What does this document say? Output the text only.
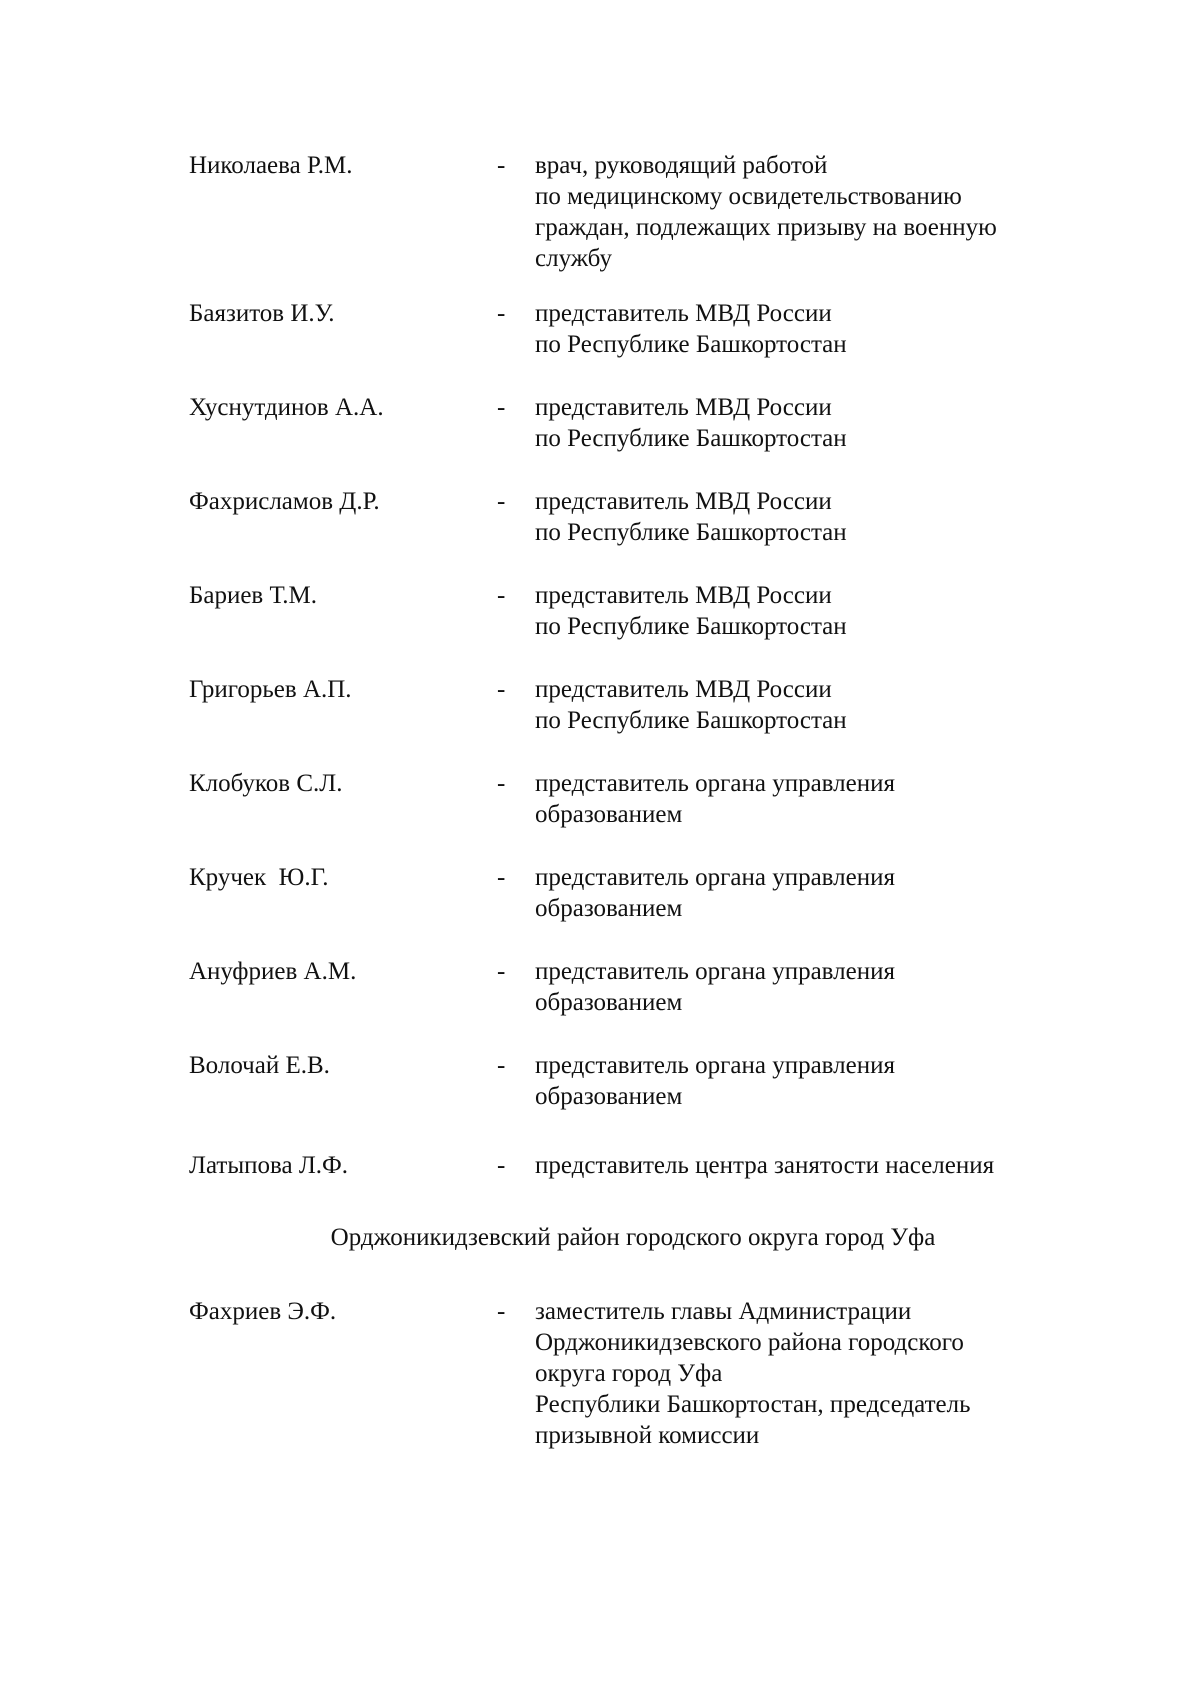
Николаева Р.М.	- врач, руководящий работой
по медицинскому освидетельствованию
граждан, подлежащих призыву на военную
службу
Баязитов И.У.	- представитель МВД России
по Республике Башкортостан
Хуснутдинов А.А.	- представитель МВД России
по Республике Башкортостан
Фахрисламов Д.Р.	- представитель МВД России
по Республике Башкортостан
Бариев Т.М.	- представитель МВД России
по Республике Башкортостан
Григорьев А.П.	- представитель МВД России
по Республике Башкортостан
Клобуков С.Л.	- представитель органа управления
образованием
Кручек  Ю.Г.	- представитель органа управления
образованием
Ануфриев А.М.	- представитель органа управления
образованием
Волочай Е.В.	- представитель органа управления
образованием
Латыпова Л.Ф.	- представитель центра занятости населения
Орджоникидзевский район городского округа город Уфа
Фахриев Э.Ф.	- заместитель главы Администрации
Орджоникидзевского района городского
округа город Уфа
Республики Башкортостан, председатель
призывной комиссии
